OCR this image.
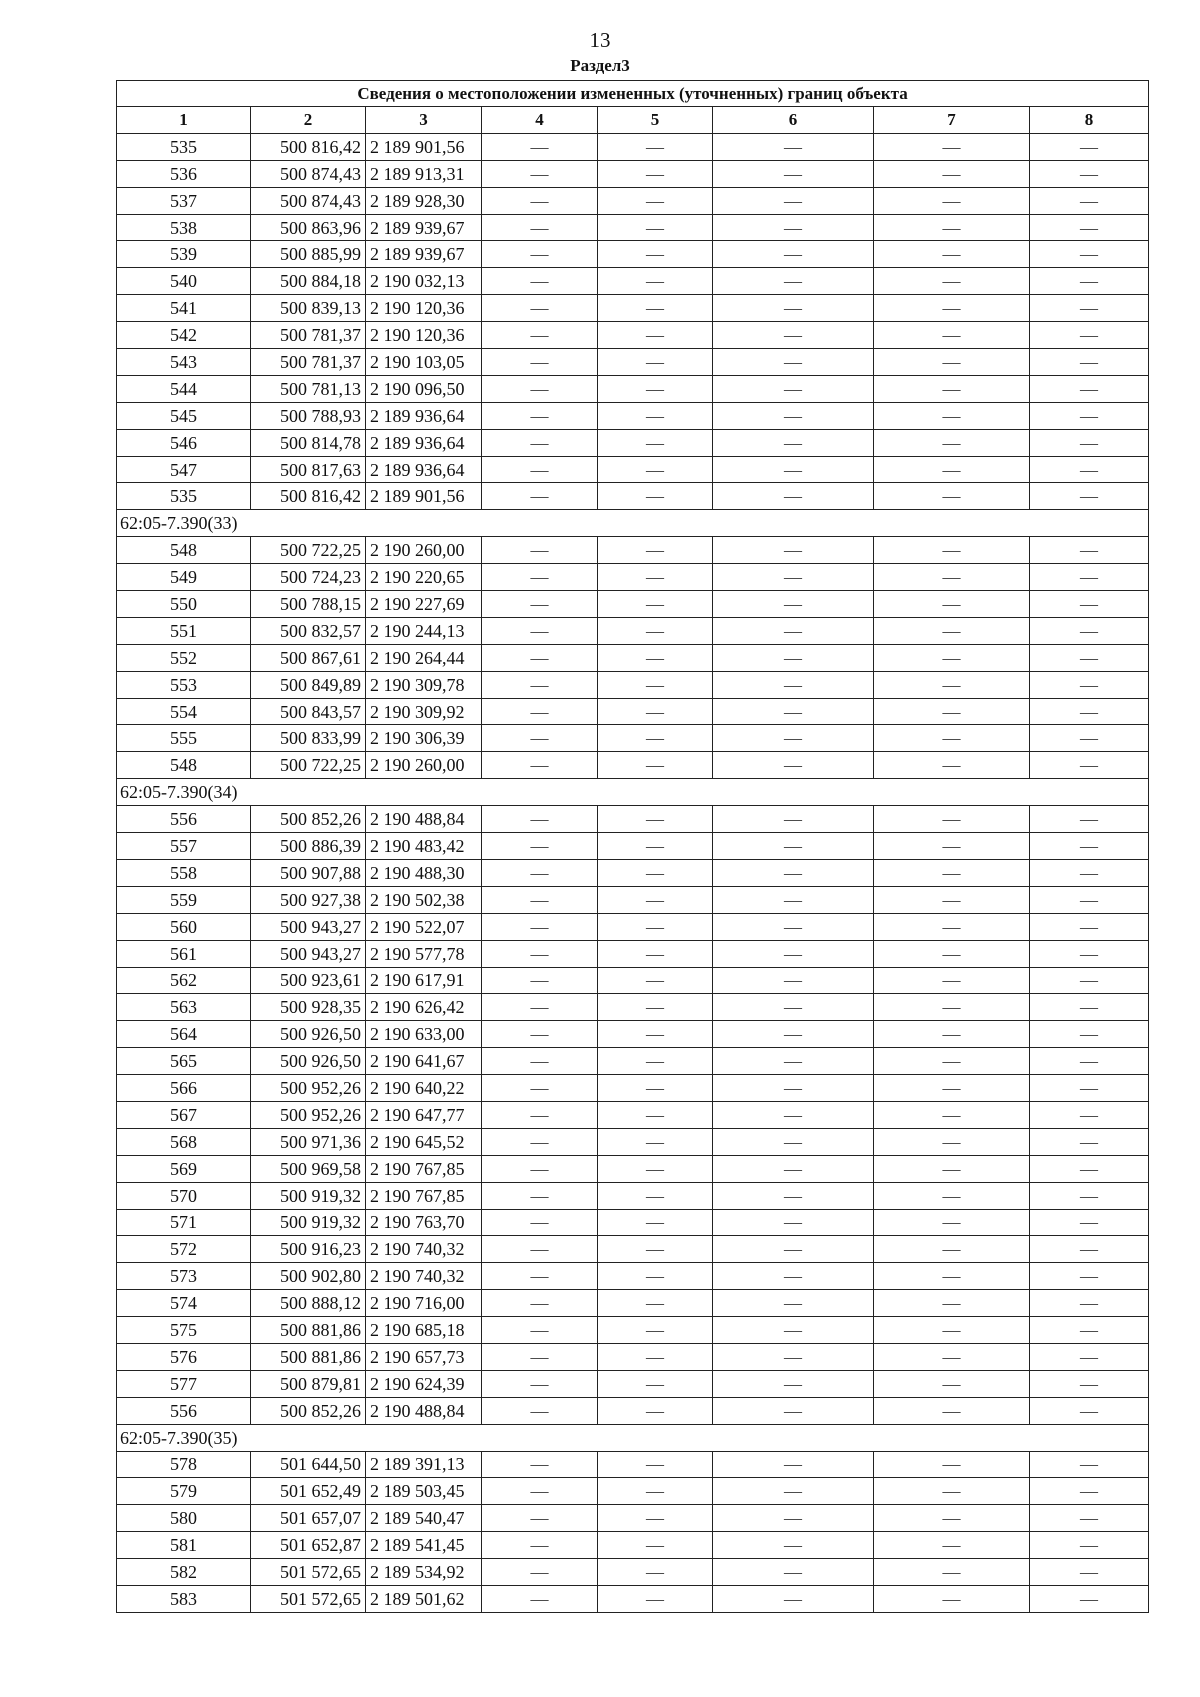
13
Раздел3
Сведения о местоположении измененных (уточненных) границ объекта							
1	2	3	4	5	6	7	8
535	500 816,42	2 189 901,56	—	—	—	—	—
536	500 874,43	2 189 913,31	—	—	—	—	—
537	500 874,43	2 189 928,30	—	—	—	—	—
538	500 863,96	2 189 939,67	—	—	—	—	—
539	500 885,99	2 189 939,67	—	—	—	—	—
540	500 884,18	2 190 032,13	—	—	—	—	—
541	500 839,13	2 190 120,36	—	—	—	—	—
542	500 781,37	2 190 120,36	—	—	—	—	—
543	500 781,37	2 190 103,05	—	—	—	—	—
544	500 781,13	2 190 096,50	—	—	—	—	—
545	500 788,93	2 189 936,64	—	—	—	—	—
546	500 814,78	2 189 936,64	—	—	—	—	—
547	500 817,63	2 189 936,64	—	—	—	—	—
535	500 816,42	2 189 901,56	—	—	—	—	—
62:05-7.390(33)							
548	500 722,25	2 190 260,00	—	—	—	—	—
549	500 724,23	2 190 220,65	—	—	—	—	—
550	500 788,15	2 190 227,69	—	—	—	—	—
551	500 832,57	2 190 244,13	—	—	—	—	—
552	500 867,61	2 190 264,44	—	—	—	—	—
553	500 849,89	2 190 309,78	—	—	—	—	—
554	500 843,57	2 190 309,92	—	—	—	—	—
555	500 833,99	2 190 306,39	—	—	—	—	—
548	500 722,25	2 190 260,00	—	—	—	—	—
62:05-7.390(34)							
556	500 852,26	2 190 488,84	—	—	—	—	—
557	500 886,39	2 190 483,42	—	—	—	—	—
558	500 907,88	2 190 488,30	—	—	—	—	—
559	500 927,38	2 190 502,38	—	—	—	—	—
560	500 943,27	2 190 522,07	—	—	—	—	—
561	500 943,27	2 190 577,78	—	—	—	—	—
562	500 923,61	2 190 617,91	—	—	—	—	—
563	500 928,35	2 190 626,42	—	—	—	—	—
564	500 926,50	2 190 633,00	—	—	—	—	—
565	500 926,50	2 190 641,67	—	—	—	—	—
566	500 952,26	2 190 640,22	—	—	—	—	—
567	500 952,26	2 190 647,77	—	—	—	—	—
568	500 971,36	2 190 645,52	—	—	—	—	—
569	500 969,58	2 190 767,85	—	—	—	—	—
570	500 919,32	2 190 767,85	—	—	—	—	—
571	500 919,32	2 190 763,70	—	—	—	—	—
572	500 916,23	2 190 740,32	—	—	—	—	—
573	500 902,80	2 190 740,32	—	—	—	—	—
574	500 888,12	2 190 716,00	—	—	—	—	—
575	500 881,86	2 190 685,18	—	—	—	—	—
576	500 881,86	2 190 657,73	—	—	—	—	—
577	500 879,81	2 190 624,39	—	—	—	—	—
556	500 852,26	2 190 488,84	—	—	—	—	—
62:05-7.390(35)							
578	501 644,50	2 189 391,13	—	—	—	—	—
579	501 652,49	2 189 503,45	—	—	—	—	—
580	501 657,07	2 189 540,47	—	—	—	—	—
581	501 652,87	2 189 541,45	—	—	—	—	—
582	501 572,65	2 189 534,92	—	—	—	—	—
583	501 572,65	2 189 501,62	—	—	—	—	—
